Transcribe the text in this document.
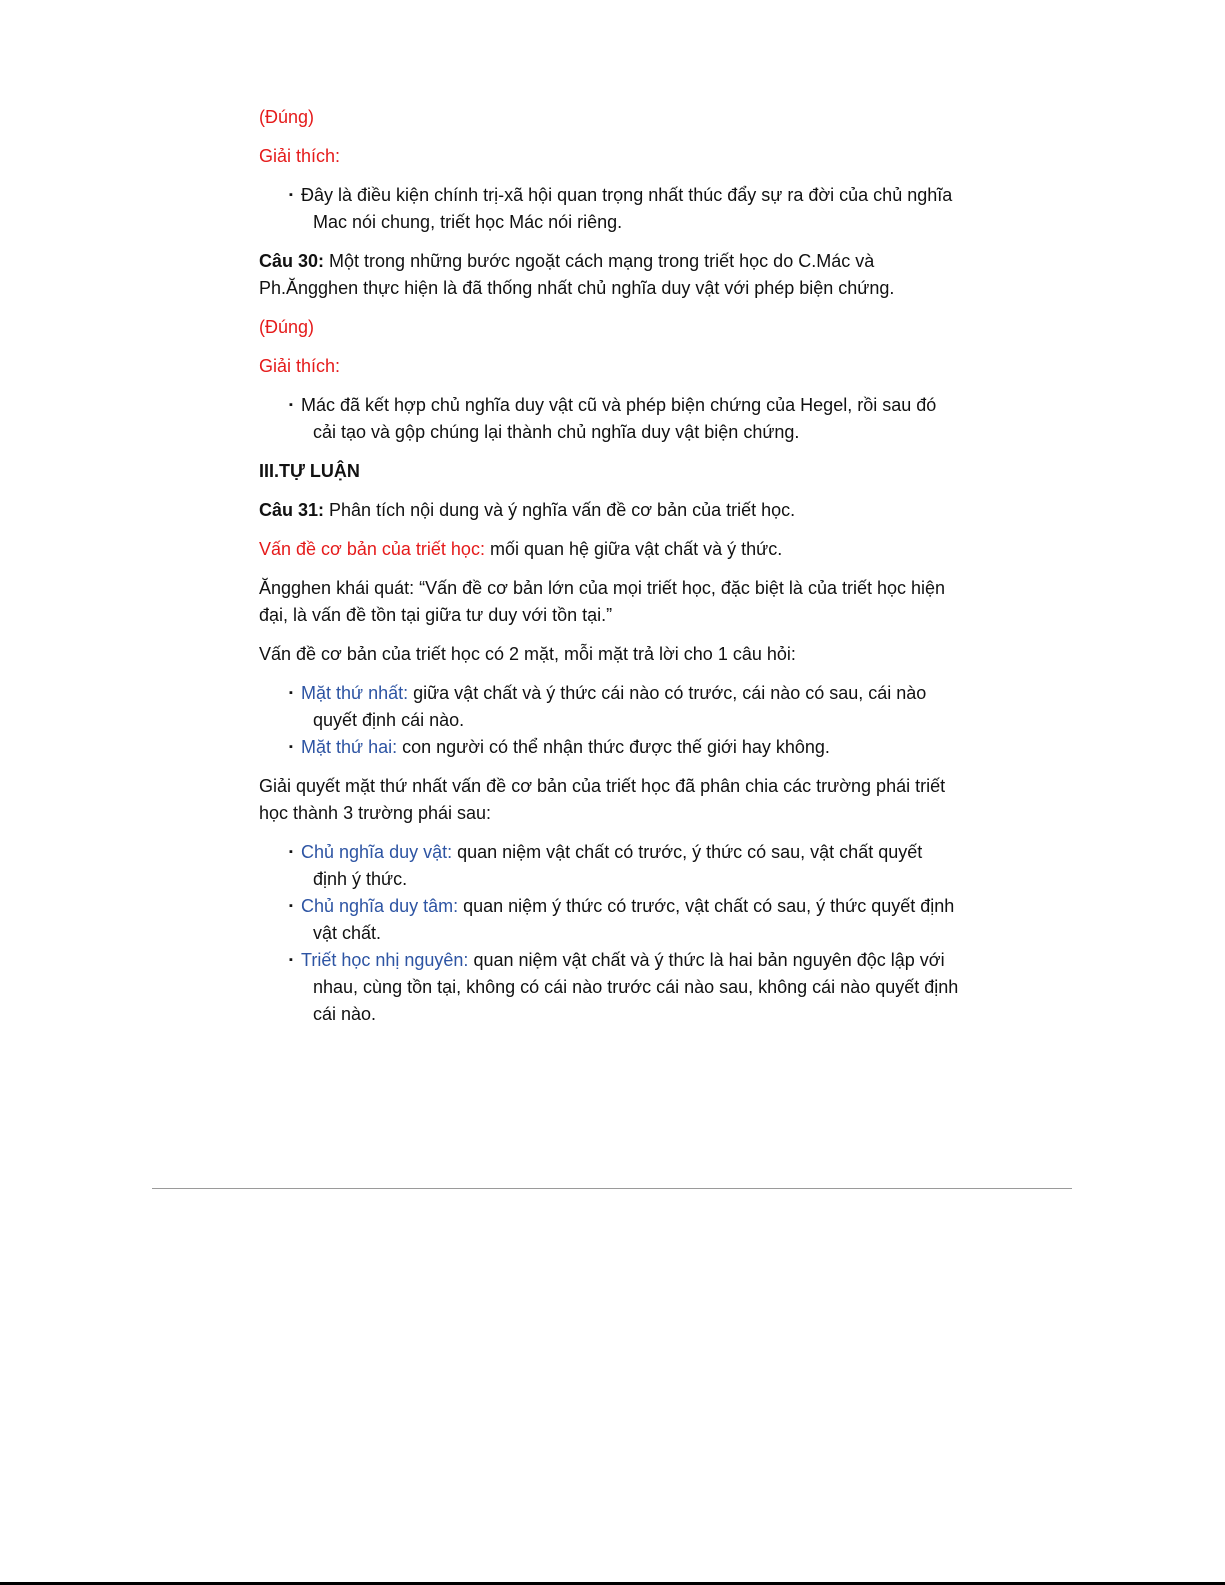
(Đúng)

Giải thích:

▪ Đây là điều kiện chính trị-xã hội quan trọng nhất thúc đẩy sự ra đời của chủ nghĩa Mac nói chung, triết học Mác nói riêng.

Câu 30: Một trong những bước ngoặt cách mạng trong triết học do C.Mác và Ph.Ăngghen thực hiện là đã thống nhất chủ nghĩa duy vật với phép biện chứng.

(Đúng)

Giải thích:

▪ Mác đã kết hợp chủ nghĩa duy vật cũ và phép biện chứng của Hegel, rồi sau đó cải tạo và gộp chúng lại thành chủ nghĩa duy vật biện chứng.

III.TỰ LUẬN

Câu 31: Phân tích nội dung và ý nghĩa vấn đề cơ bản của triết học.

Vấn đề cơ bản của triết học: mối quan hệ giữa vật chất và ý thức.

Ăngghen khái quát: “Vấn đề cơ bản lớn của mọi triết học, đặc biệt là của triết học hiện đại, là vấn đề tồn tại giữa tư duy với tồn tại.”

Vấn đề cơ bản của triết học có 2 mặt, mỗi mặt trả lời cho 1 câu hỏi:

▪ Mặt thứ nhất: giữa vật chất và ý thức cái nào có trước, cái nào có sau, cái nào quyết định cái nào.
▪ Mặt thứ hai: con người có thể nhận thức được thế giới hay không.

Giải quyết mặt thứ nhất vấn đề cơ bản của triết học đã phân chia các trường phái triết học thành 3 trường phái sau:

▪ Chủ nghĩa duy vật: quan niệm vật chất có trước, ý thức có sau, vật chất quyết định ý thức.
▪ Chủ nghĩa duy tâm: quan niệm ý thức có trước, vật chất có sau, ý thức quyết định vật chất.
▪ Triết học nhị nguyên: quan niệm vật chất và ý thức là hai bản nguyên độc lập với nhau, cùng tồn tại, không có cái nào trước cái nào sau, không cái nào quyết định cái nào.
